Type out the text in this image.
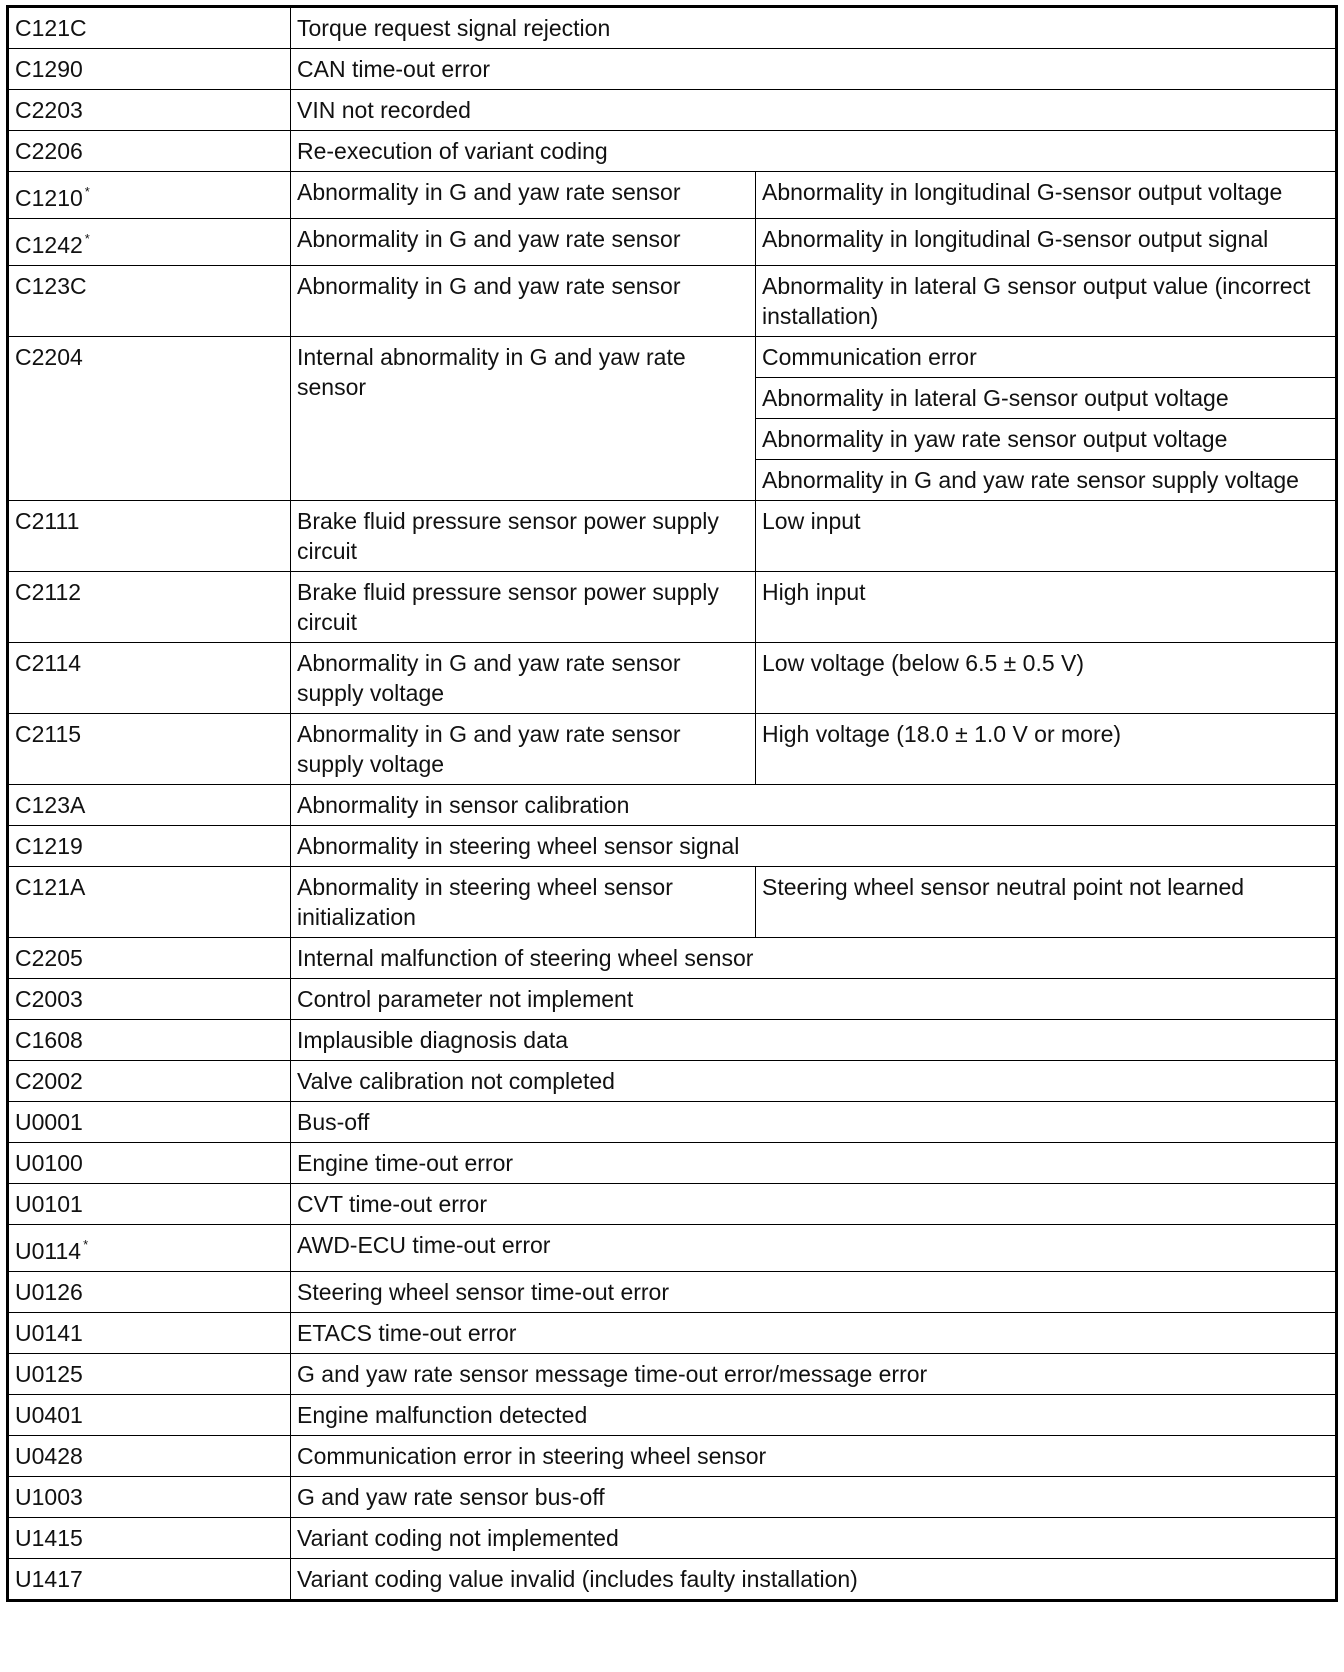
C121C	Torque request signal rejection	
C1290	CAN time-out error	
C2203	VIN not recorded	
C2206	Re-execution of variant coding	
C1210 *	Abnormality in G and yaw rate sensor	Abnormality in longitudinal G-sensor output voltage
C1242 *	Abnormality in G and yaw rate sensor	Abnormality in longitudinal G-sensor output signal
C123C	Abnormality in G and yaw rate sensor	Abnormality in lateral G sensor output value (incorrect installation)
C2204	Internal abnormality in G and yaw rate sensor	Communication error
		Abnormality in lateral G-sensor output voltage
		Abnormality in yaw rate sensor output voltage
		Abnormality in G and yaw rate sensor supply voltage
C2111	Brake fluid pressure sensor power supply circuit	Low input
C2112	Brake fluid pressure sensor power supply circuit	High input
C2114	Abnormality in G and yaw rate sensor supply voltage	Low voltage (below 6.5 ± 0.5 V)
C2115	Abnormality in G and yaw rate sensor supply voltage	High voltage (18.0 ± 1.0 V or more)
C123A	Abnormality in sensor calibration	
C1219	Abnormality in steering wheel sensor signal	
C121A	Abnormality in steering wheel sensor initialization	Steering wheel sensor neutral point not learned
C2205	Internal malfunction of steering wheel sensor	
C2003	Control parameter not implement	
C1608	Implausible diagnosis data	
C2002	Valve calibration not completed	
U0001	Bus-off	
U0100	Engine time-out error	
U0101	CVT time-out error	
U0114 *	AWD-ECU time-out error	
U0126	Steering wheel sensor time-out error	
U0141	ETACS time-out error	
U0125	G and yaw rate sensor message time-out error/message error	
U0401	Engine malfunction detected	
U0428	Communication error in steering wheel sensor	
U1003	G and yaw rate sensor bus-off	
U1415	Variant coding not implemented	
U1417	Variant coding value invalid (includes faulty installation)	
